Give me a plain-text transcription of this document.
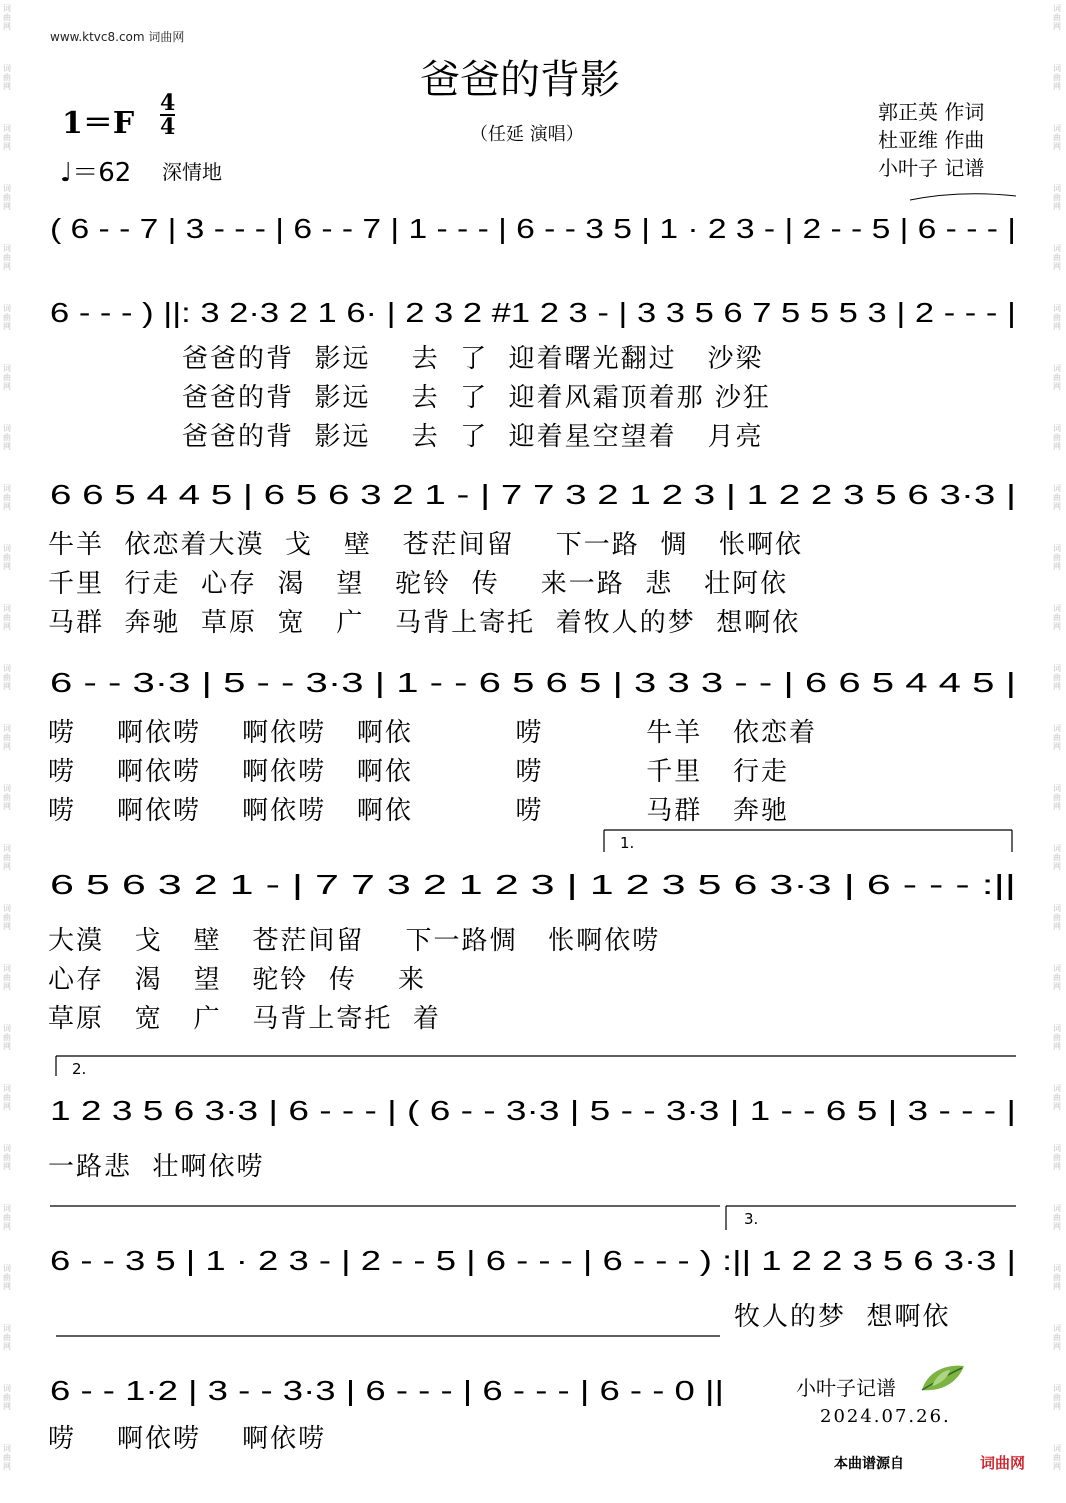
词
曲
网
词
曲
网
词
曲
网
词
曲
网
词
曲
网
词
曲
网
词
曲
网
词
曲
网
词
曲
网
词
曲
网
词
曲
网
词
曲
网
词
曲
网
词
曲
网
词
曲
网
词
曲
网
词
曲
网
词
曲
网
词
曲
网
词
曲
网
词
曲
网
词
曲
网
词
曲
网
词
曲
网
词
曲
网
词
曲
网
词
曲
网
词
曲
网
词
曲
网
词
曲
网
词
曲
网
词
曲
网
词
曲
网
词
曲
网
词
曲
网
词
曲
网
词
曲
网
词
曲
网
词
曲
网
词
曲
网
词
曲
网
词
曲
网
词
曲
网
词
曲
网
词
曲
网
词
曲
网
词
曲
网
词
曲
网
词
曲
网
词
曲
网
www.ktvc8.com 词曲网
爸爸的背影
$1=F \frac{4}{4}$
♩＝62 深情地
（任延 演唱）
郭正英 作词
杜亚维 作曲
小叶子 记谱
( 6 - - 7 | 3 - - - | 6 - - 7 | 1 - - - | 6 - - 3 5 | 1 · 2 3 - | 2 - - 5 | 6 - - - |
6 - - - ) ||: 3 2·3 2 1 6· | 2 3 2 #1 2 3 - | 3 3 5 6 7 5 5 5 3 | 2 - - - |
6 6 5 4 4 5 | 6 5 6 3 2 1 - | 7 7 3 2 1 2 3 | 1 2 2 3 5 6 3·3 |
6 - - 3·3 | 5 - - 3·3 | 1 - - 6 5 6 5 | 3 3 3 - - | 6 6 5 4 4 5 |
6 5 6 3 2 1 - | 7 7 3 2 1 2 3 | 1 2 3 5 6 3·3 | 6 - - - :||
1 2 3 5 6 3·3 | 6 - - - | ( 6 - - 3·3 | 5 - - 3·3 | 1 - - 6 5 | 3 - - - |
6 - - 3 5 | 1 · 2 3 - | 2 - - 5 | 6 - - - | 6 - - - ) :|| 1 2 2 3 5 6 3·3 |
6 - - 1·2 | 3 - - 3·3 | 6 - - - | 6 - - - | 6 - - 0 ||
1.
2.
3.
爸爸的背  影远    去  了  迎着曙光翻过   沙梁
爸爸的背  影远    去  了  迎着风霜顶着那 沙狂
爸爸的背  影远    去  了  迎着星空望着   月亮
牛羊  依恋着大漠  戈   壁   苍茫间留    下一路  惆   怅啊依
千里  行走  心存  渴   望   驼铃  传    来一路  悲   壮阿依
马群  奔驰  草原  宽   广   马背上寄托  着牧人的梦  想啊依
唠    啊依唠    啊依唠   啊依          唠          牛羊   依恋着
唠    啊依唠    啊依唠   啊依          唠          千里   行走
唠    啊依唠    啊依唠   啊依          唠          马群   奔驰
大漠   戈   壁   苍茫间留    下一路惆   怅啊依唠
心存   渴   望   驼铃  传    来
草原   宽   广   马背上寄托  着
一路悲  壮啊依唠
牧人的梦  想啊依
唠    啊依唠    啊依唠
小叶子记谱
2024.07.26.
本曲谱源自	词曲网
